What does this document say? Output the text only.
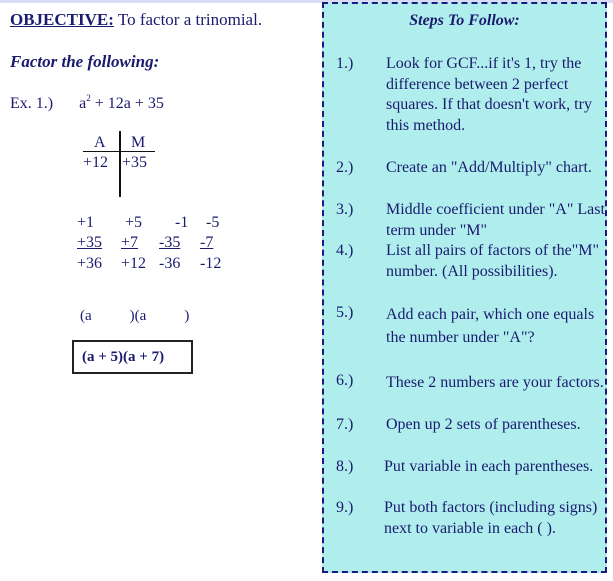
OBJECTIVE: To factor a trinomial.
Factor the following:
Ex. 1.) $a^2 + 12a + 35$
A M
+12 +35
+1
+35
+36
+5
+7
+12
-1
-35
-36
-5
-7
-12
(a	)(a	)
(a + 5)(a + 7)
Steps To Follow:
1.) Look for GCF...if it's 1, try the difference between 2 perfect squares. If that doesn't work, try this method.
2.) Create an "Add/Multiply" chart.
3.) Middle coefficient under "A" Last term under "M"
4.) List all pairs of factors of the"M" number. (All possibilities).
5.) Add each pair, which one equals the number under "A"?
6.) These 2 numbers are your factors.
7.) Open up 2 sets of parentheses.
8.) Put variable in each parentheses.
9.) Put both factors (including signs) next to variable in each ( ).
